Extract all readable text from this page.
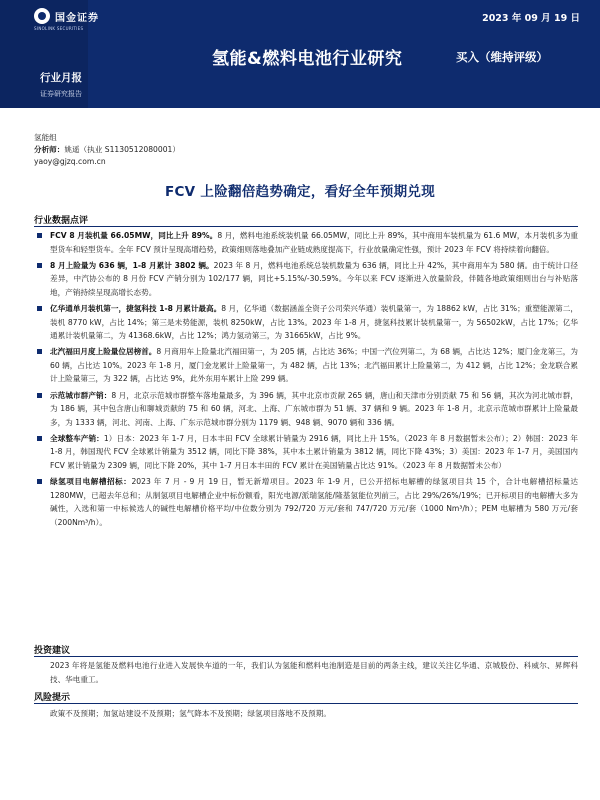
国金证券
SINOLINK SECURITIES
2023 年 09 月 19 日
氢能&燃料电池行业研究	买入（维持评级）
行业月报
证券研究报告
氢能组
分析师：姚遥（执业 S1130512080001）
yaoy@gjzq.com.cn
FCV 上险翻倍趋势确定，看好全年预期兑现
行业数据点评
FCV 8 月装机量 66.05MW，同比上升 89%。8 月，燃料电池系统装机量 66.05MW，同比上升 89%，其中商用车装机量为 61.6 MW，本月装机多为重型货车和轻型货车。全年 FCV 预计呈现高增趋势，政策细则落地叠加产业链成熟度提高下，行业放量确定性强，预计 2023 年 FCV 将持续着向翻倍。
8 月上险量为 636 辆，1-8 月累计 3802 辆。2023 年 8 月，燃料电池系统总装机数量为 636 辆，同比上升 42%，其中商用车为 580 辆。由于统计口径差异，中汽协公布的 8 月份 FCV 产销分别为 102/177 辆，同比+5.15%/-30.59%。今年以来 FCV 逐渐进入放量阶段，伴随各地政策细则出台与补贴落地，产销持续呈现高增长态势。
亿华通单月装机第一，捷氢科技 1-8 月累计最高。8 月，亿华通（数据涵盖全资子公司荣兴华通）装机量第一，为 18862 kW，占比 31%；重塑能源第二，装机 8770 kW，占比 14%；第三是未势能源，装机 8250kW，占比 13%。2023 年 1-8 月，捷氢科技累计装机量第一，为 56502kW，占比 17%；亿华通累计装机量第二，为 41368.6kW，占比 12%；鸿力氢动第三，为 31665kW，占比 9%。
北汽福田月度上险量位居榜首。8 月商用车上险量北汽福田第一，为 205 辆，占比达 36%；中国一汽位列第二，为 68 辆，占比达 12%；厦门金龙第三，为 60 辆，占比达 10%。2023 年 1-8 月，厦门金龙累计上险量第一，为 482 辆，占比 13%；北汽福田累计上险量第二，为 412 辆，占比 12%；金龙联合累计上险量第三，为 322 辆，占比达 9%，此外东用车累计上险 299 辆。
示范城市群产销：8 月，北京示范城市群整车落地量最多，为 396 辆，其中北京市贡献 265 辆，唐山和天津市分别贡献 75 和 56 辆，其次为河北城市群，为 186 辆，其中包含唐山和聊城贡献的 75 和 60 辆，河北、上海、广东城市群为 51 辆、37 辆和 9 辆。2023 年 1-8 月，北京示范城市群累计上险量最多，为 1333 辆，河北、河南、上海、广东示范城市群分别为 1179 辆、948 辆、9070 辆和 336 辆。
全球整车产销：1）日本：2023 年 1-7 月，日本丰田 FCV 全球累计销量为 2916 辆，同比上升 15%。（2023 年 8 月数据暂未公布）；2）韩国：2023 年 1-8 月，韩国现代 FCV 全球累计销量为 3512 辆，同比下降 38%，其中本土累计销量为 3812 辆，同比下降 43%；3）美国：2023 年 1-7 月，美国国内 FCV 累计销量为 2309 辆，同比下降 20%，其中 1-7 月日本丰田的 FCV 累计在美国销量占比达 91%。（2023 年 8 月数据暂未公布）
绿氢项目电解槽招标：2023 年 7 月 - 9 月 19 日，暂无新增项目。2023 年 1-9 月，已公开招标电解槽的绿氢项目共 15 个，合计电解槽招标量达 1280MW，已超去年总和；从制氢项目电解槽企业中标份额看，阳光电源/派瑞氢能/隆基氢能位列前三，占比 29%/26%/19%；已开标项目的电解槽大多为碱性，入选和第一中标候选人的碱性电解槽价格平均/中位数分别为 792/720 万元/套和 747/720 万元/套（1000 Nm³/h）；PEM 电解槽为 580 万元/套（200Nm³/h）。
投资建议
2023 年将是氢能及燃料电池行业进入发展快车道的一年，我们认为氢能和燃料电池制造是目前的两条主线，建议关注亿华通、京城股份、科威尔、昇辉科技、华电重工。
风险提示
政策不及预期；加氢站建设不及预期；氢气降本不及预期；绿氢项目落地不及预期。
